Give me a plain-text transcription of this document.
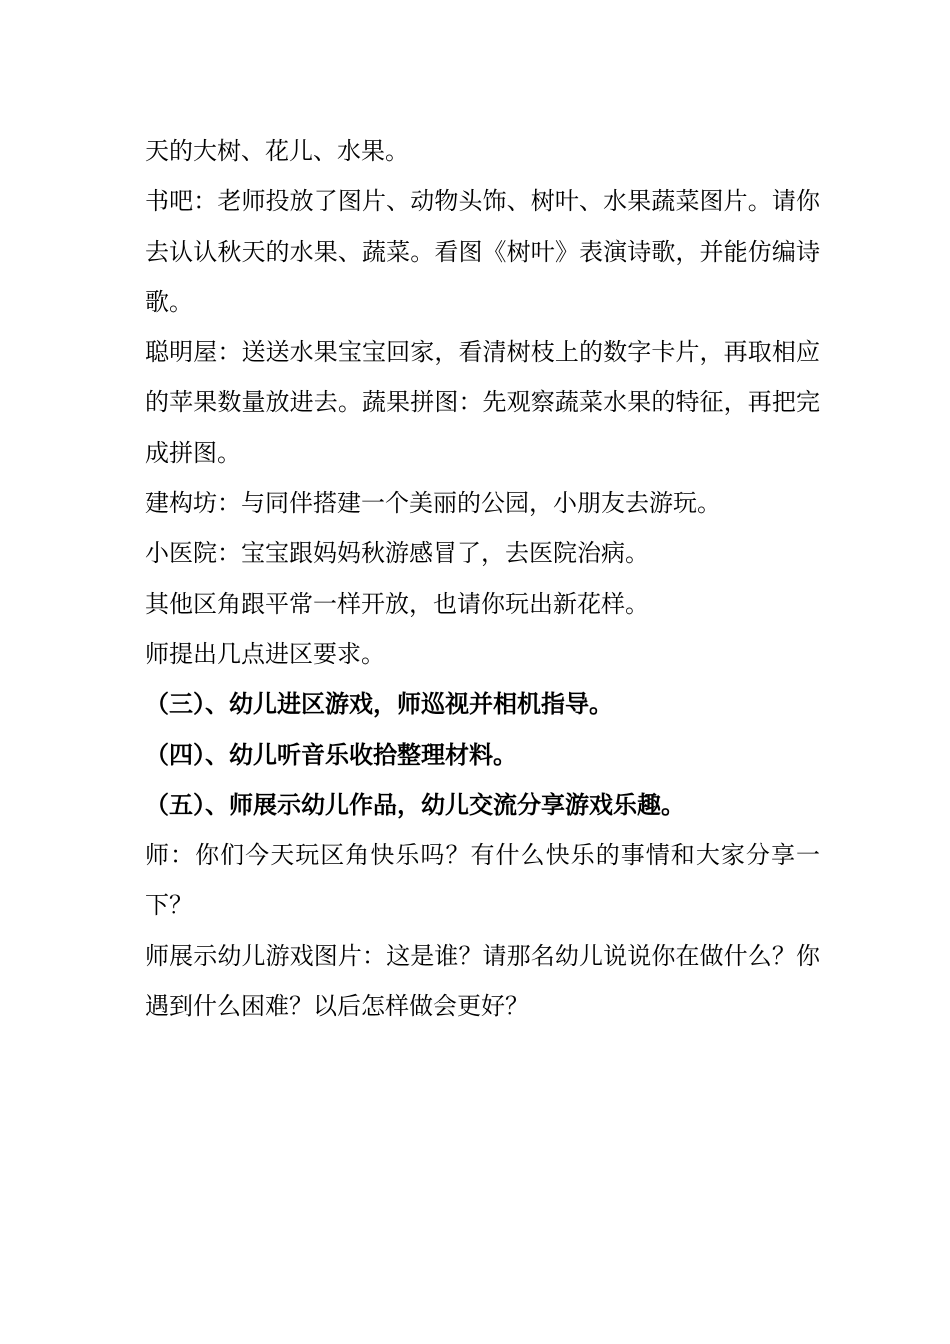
天的大树、花儿、水果。

书吧：老师投放了图片、动物头饰、树叶、水果蔬菜图片。请你去认认秋天的水果、蔬菜。看图《树叶》表演诗歌，并能仿编诗歌。

聪明屋：送送水果宝宝回家，看清树枝上的数字卡片，再取相应的苹果数量放进去。蔬果拼图：先观察蔬菜水果的特征，再把完成拼图。

建构坊：与同伴搭建一个美丽的公园，小朋友去游玩。

小医院：宝宝跟妈妈秋游感冒了，去医院治病。

其他区角跟平常一样开放，也请你玩出新花样。

师提出几点进区要求。

（三）、幼儿进区游戏，师巡视并相机指导。

（四）、幼儿听音乐收拾整理材料。

（五）、师展示幼儿作品，幼儿交流分享游戏乐趣。

师：你们今天玩区角快乐吗？有什么快乐的事情和大家分享一下？

师展示幼儿游戏图片：这是谁？请那名幼儿说说你在做什么？你遇到什么困难？以后怎样做会更好？
